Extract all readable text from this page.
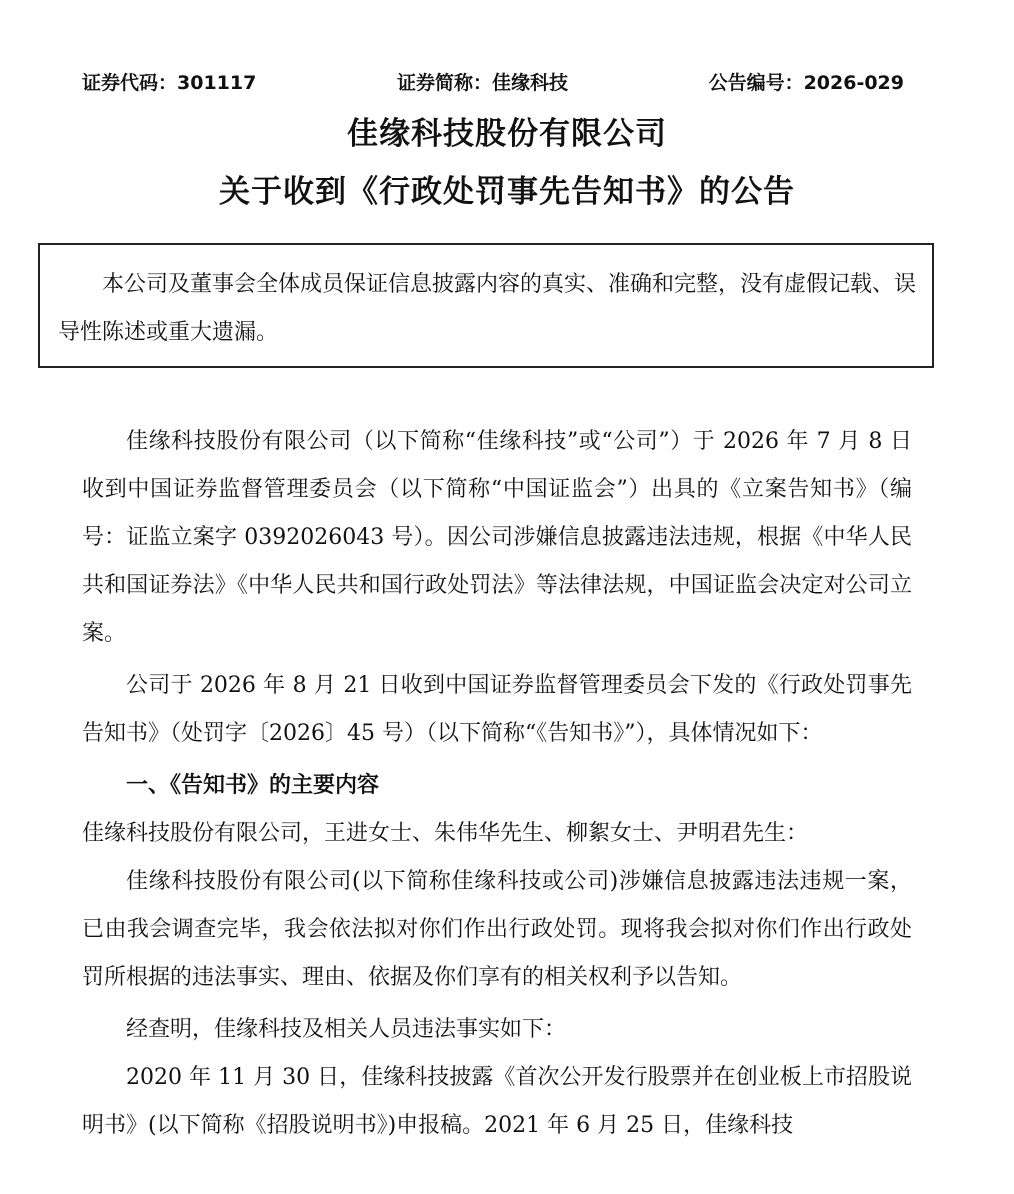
证券代码：301117	证券简称：佳缘科技	公告编号：2026-029
佳缘科技股份有限公司
关于收到《行政处罚事先告知书》的公告
本公司及董事会全体成员保证信息披露内容的真实、准确和完整，没有虚假记载、误导性陈述或重大遗漏。

佳缘科技股份有限公司（以下简称“佳缘科技”或“公司”）于 2026 年 7 月 8 日收到中国证券监督管理委员会（以下简称“中国证监会”）出具的《立案告知书》（编号：证监立案字 0392026043 号）。因公司涉嫌信息披露违法违规，根据《中华人民共和国证券法》《中华人民共和国行政处罚法》等法律法规，中国证监会决定对公司立案。

公司于 2026 年 8 月 21 日收到中国证券监督管理委员会下发的《行政处罚事先告知书》（处罚字〔2026〕45 号）（以下简称“《告知书》”），具体情况如下：

一、《告知书》的主要内容

佳缘科技股份有限公司，王进女士、朱伟华先生、柳絮女士、尹明君先生：

佳缘科技股份有限公司(以下简称佳缘科技或公司)涉嫌信息披露违法违规一案，已由我会调查完毕，我会依法拟对你们作出行政处罚。现将我会拟对你们作出行政处罚所根据的违法事实、理由、依据及你们享有的相关权利予以告知。

经查明，佳缘科技及相关人员违法事实如下：

2020 年 11 月 30 日，佳缘科技披露《首次公开发行股票并在创业板上市招股说明书》(以下简称《招股说明书》)申报稿。2021 年 6 月 25 日，佳缘科技
